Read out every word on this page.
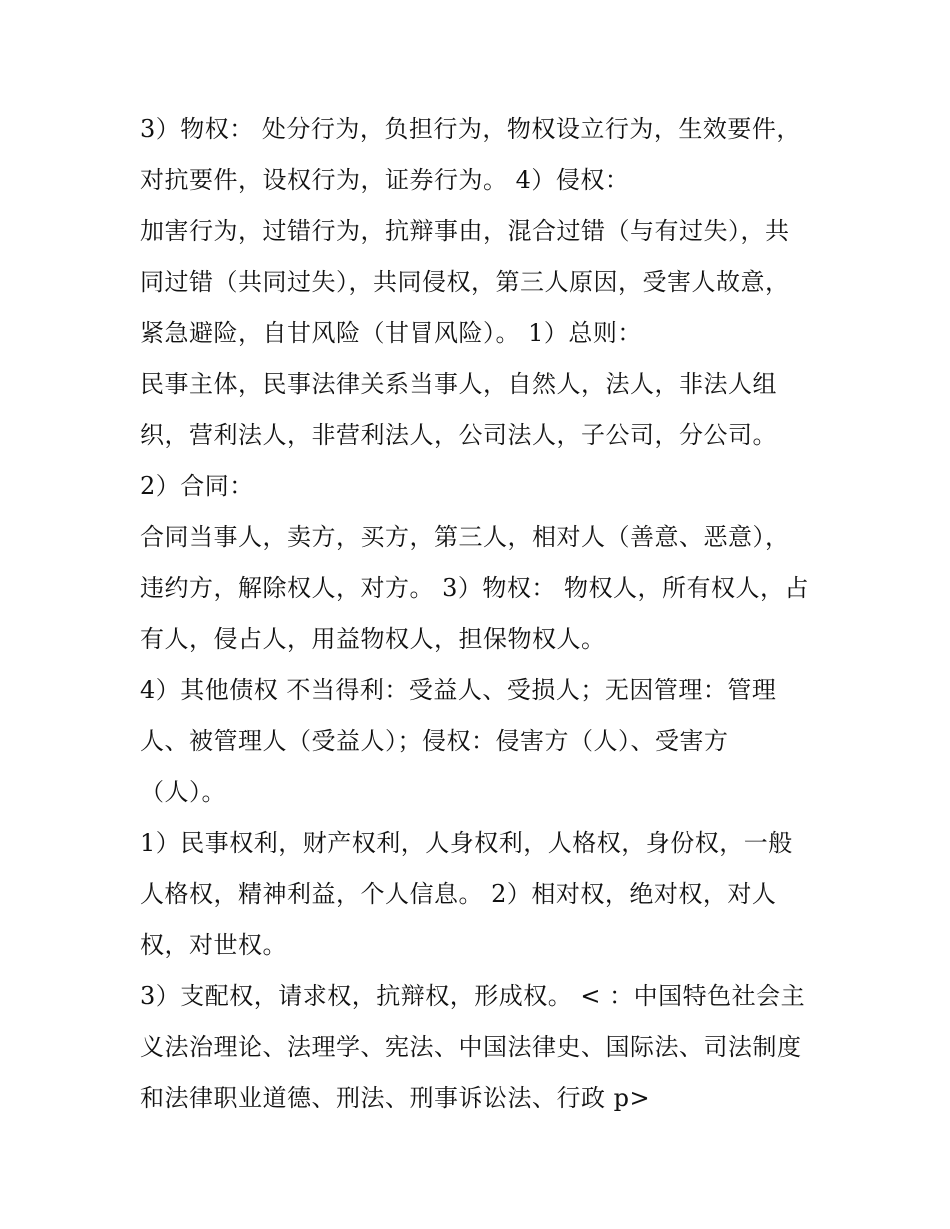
3）物权： 处分行为，负担行为，物权设立行为，生效要件，
对抗要件，设权行为，证券行为。 4）侵权：
加害行为，过错行为，抗辩事由，混合过错（与有过失），共
同过错（共同过失），共同侵权，第三人原因，受害人故意，
紧急避险，自甘风险（甘冒风险）。 1）总则：
民事主体，民事法律关系当事人，自然人，法人，非法人组
织，营利法人，非营利法人，公司法人，子公司，分公司。
2）合同：
合同当事人，卖方，买方，第三人，相对人（善意、恶意），
违约方，解除权人，对方。 3）物权： 物权人，所有权人，占
有人，侵占人，用益物权人，担保物权人。
4）其他债权 不当得利：受益人、受损人；无因管理：管理
人、被管理人（受益人）；侵权：侵害方（人）、受害方
（人）。
1）民事权利，财产权利，人身权利，人格权，身份权，一般
人格权，精神利益，个人信息。 2）相对权，绝对权，对人
权，对世权。
3）支配权，请求权，抗辩权，形成权。 < ：中国特色社会主
义法治理论、法理学、宪法、中国法律史、国际法、司法制度
和法律职业道德、刑法、刑事诉讼法、行政 p>
